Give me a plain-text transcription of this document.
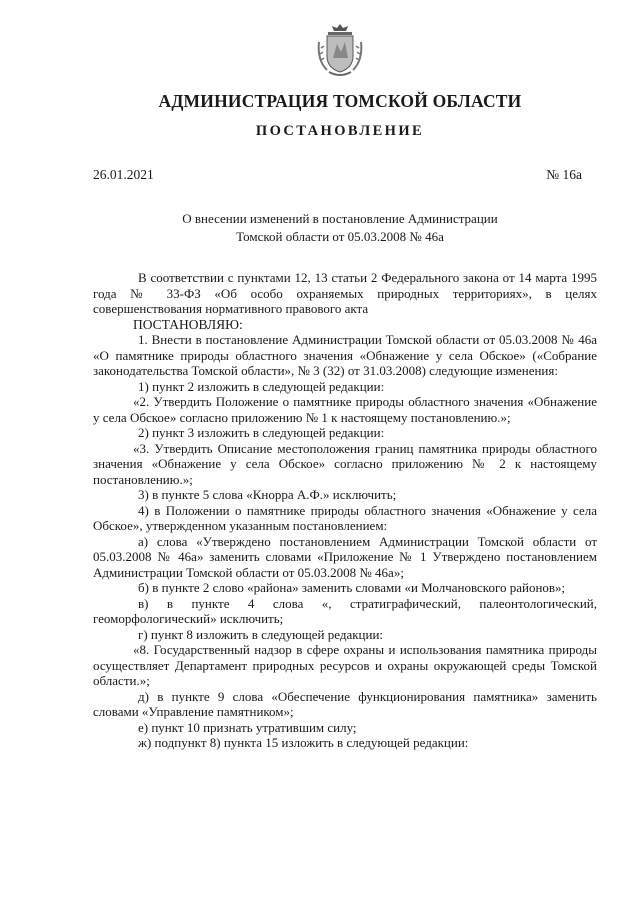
АДМИНИСТРАЦИЯ ТОМСКОЙ ОБЛАСТИ
ПОСТАНОВЛЕНИЕ
26.01.2021	№ 16а
О внесении изменений в постановление Администрации
Томской области от 05.03.2008 № 46а

В соответствии с пунктами 12, 13 статьи 2 Федерального закона от 14 марта 1995 года № 33-ФЗ «Об особо охраняемых природных территориях», в целях совершенствования нормативного правового акта

ПОСТАНОВЛЯЮ:

1. Внести в постановление Администрации Томской области от 05.03.2008 № 46а «О памятнике природы областного значения «Обнажение у села Обское» («Собрание законодательства Томской области», № 3 (32) от 31.03.2008) следующие изменения:

1) пункт 2 изложить в следующей редакции:

«2. Утвердить Положение о памятнике природы областного значения «Обнажение у села Обское» согласно приложению № 1 к настоящему постановлению.»;

2) пункт 3 изложить в следующей редакции:

«3. Утвердить Описание местоположения границ памятника природы областного значения «Обнажение у села Обское» согласно приложению № 2 к настоящему постановлению.»;

3) в пункте 5 слова «Кнорра А.Ф.» исключить;

4) в Положении о памятнике природы областного значения «Обнажение у села Обское», утвержденном указанным постановлением:

а) слова «Утверждено постановлением Администрации Томской области от 05.03.2008 № 46а» заменить словами «Приложение № 1 Утверждено постановлением Администрации Томской области от 05.03.2008 № 46а»;

б) в пункте 2 слово «района» заменить словами «и Молчановского районов»;

в) в пункте 4 слова «, стратиграфический, палеонтологический, геоморфологический» исключить;

г) пункт 8 изложить в следующей редакции:

«8. Государственный надзор в сфере охраны и использования памятника природы осуществляет Департамент природных ресурсов и охраны окружающей среды Томской области.»;

д) в пункте 9 слова «Обеспечение функционирования памятника» заменить словами «Управление памятником»;

е) пункт 10 признать утратившим силу;

ж) подпункт 8) пункта 15 изложить в следующей редакции:
